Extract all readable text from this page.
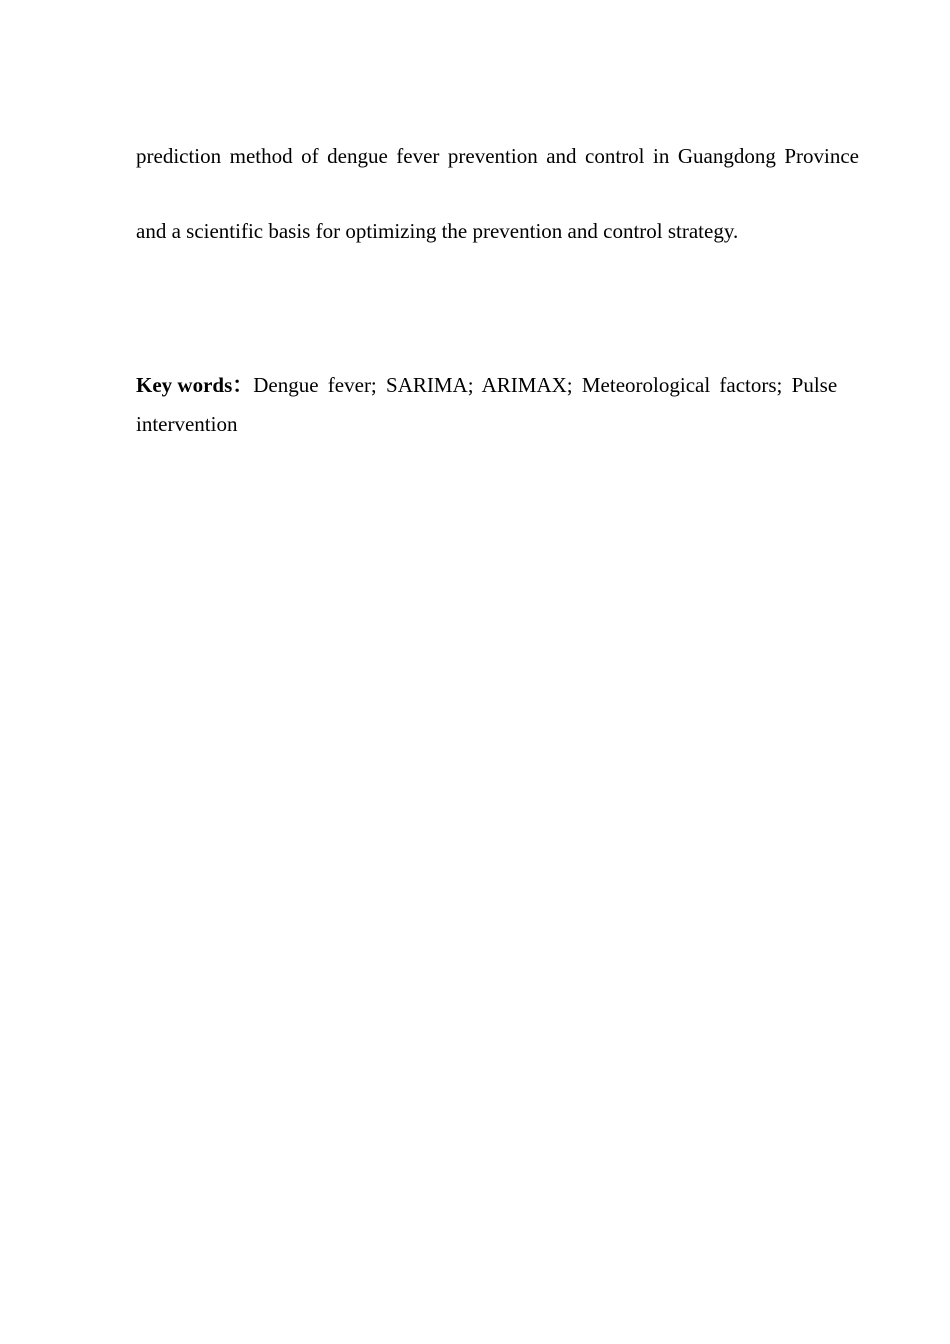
prediction method of dengue fever prevention and control in Guangdong Province and a scientific basis for optimizing the prevention and control strategy.

Key words：Dengue fever; SARIMA; ARIMAX; Meteorological factors; Pulse intervention
